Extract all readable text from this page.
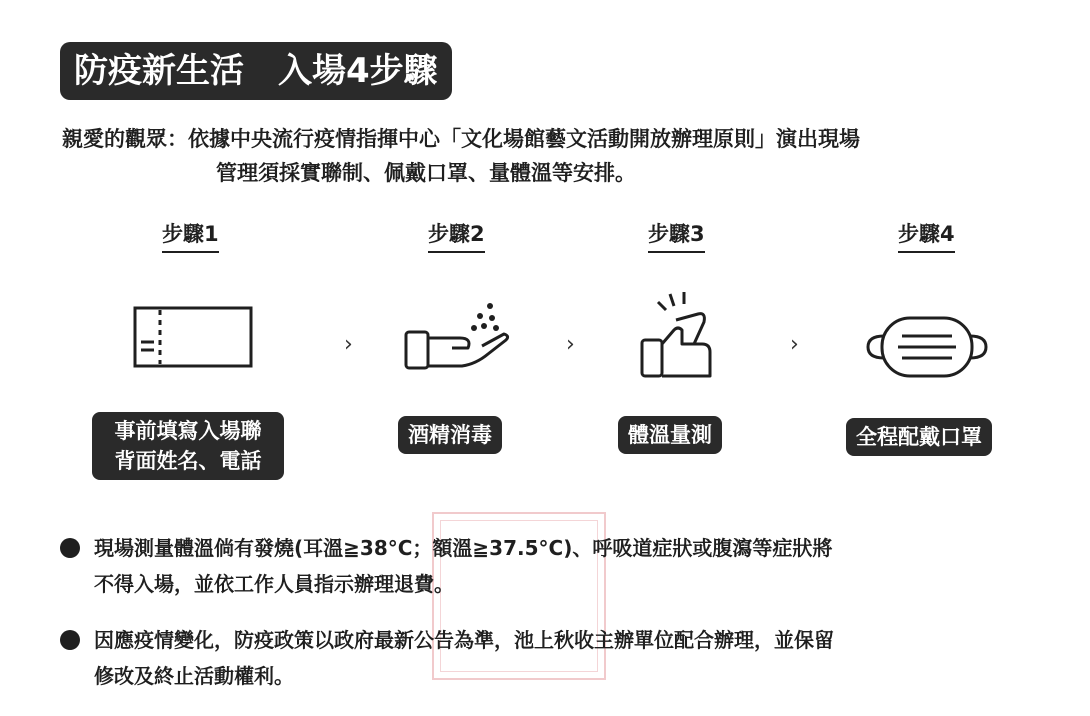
防疫新生活　入場4步驟
親愛的觀眾：依據中央流行疫情指揮中心「文化場館藝文活動開放辦理原則」演出現場
管理須採實聯制、佩戴口罩、量體溫等安排。
步驟1	步驟2	步驟3	步驟4
›	›	›
事前填寫入場聯
背面姓名、電話
酒精消毒	體溫量測	全程配戴口罩
現場測量體溫倘有發燒(耳溫≧38°C；額溫≧37.5°C)、呼吸道症狀或腹瀉等症狀將
不得入場，並依工作人員指示辦理退費。
因應疫情變化，防疫政策以政府最新公告為準，池上秋收主辦單位配合辦理，並保留
修改及終止活動權利。
